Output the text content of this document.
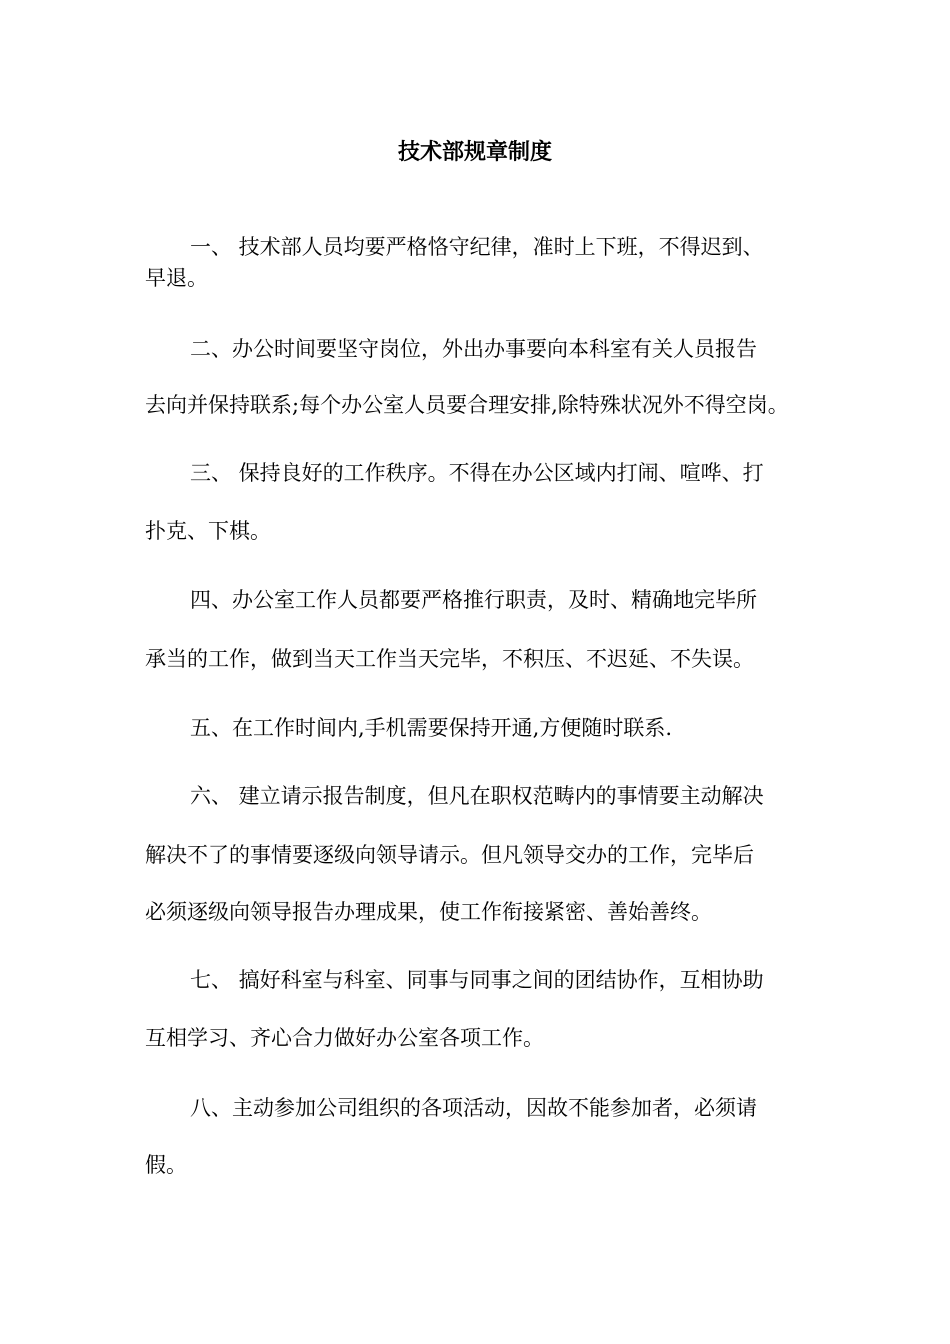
技术部规章制度
一、 技术部人员均要严格恪守纪律，准时上下班，不得迟到、
早退。
二、办公时间要坚守岗位，外出办事要向本科室有关人员报告
去向并保持联系;每个办公室人员要合理安排,除特殊状况外不得空岗。
三、 保持良好的工作秩序。不得在办公区域内打闹、喧哗、打
扑克、下棋。
四、办公室工作人员都要严格推行职责，及时、精确地完毕所
承当的工作，做到当天工作当天完毕，不积压、不迟延、不失误。
五、在工作时间内,手机需要保持开通,方便随时联系.
六、 建立请示报告制度，但凡在职权范畴内的事情要主动解决
解决不了的事情要逐级向领导请示。但凡领导交办的工作，完毕后
必须逐级向领导报告办理成果，使工作衔接紧密、善始善终。
七、 搞好科室与科室、同事与同事之间的团结协作，互相协助
互相学习、齐心合力做好办公室各项工作。
八、主动参加公司组织的各项活动，因故不能参加者，必须请
假。
